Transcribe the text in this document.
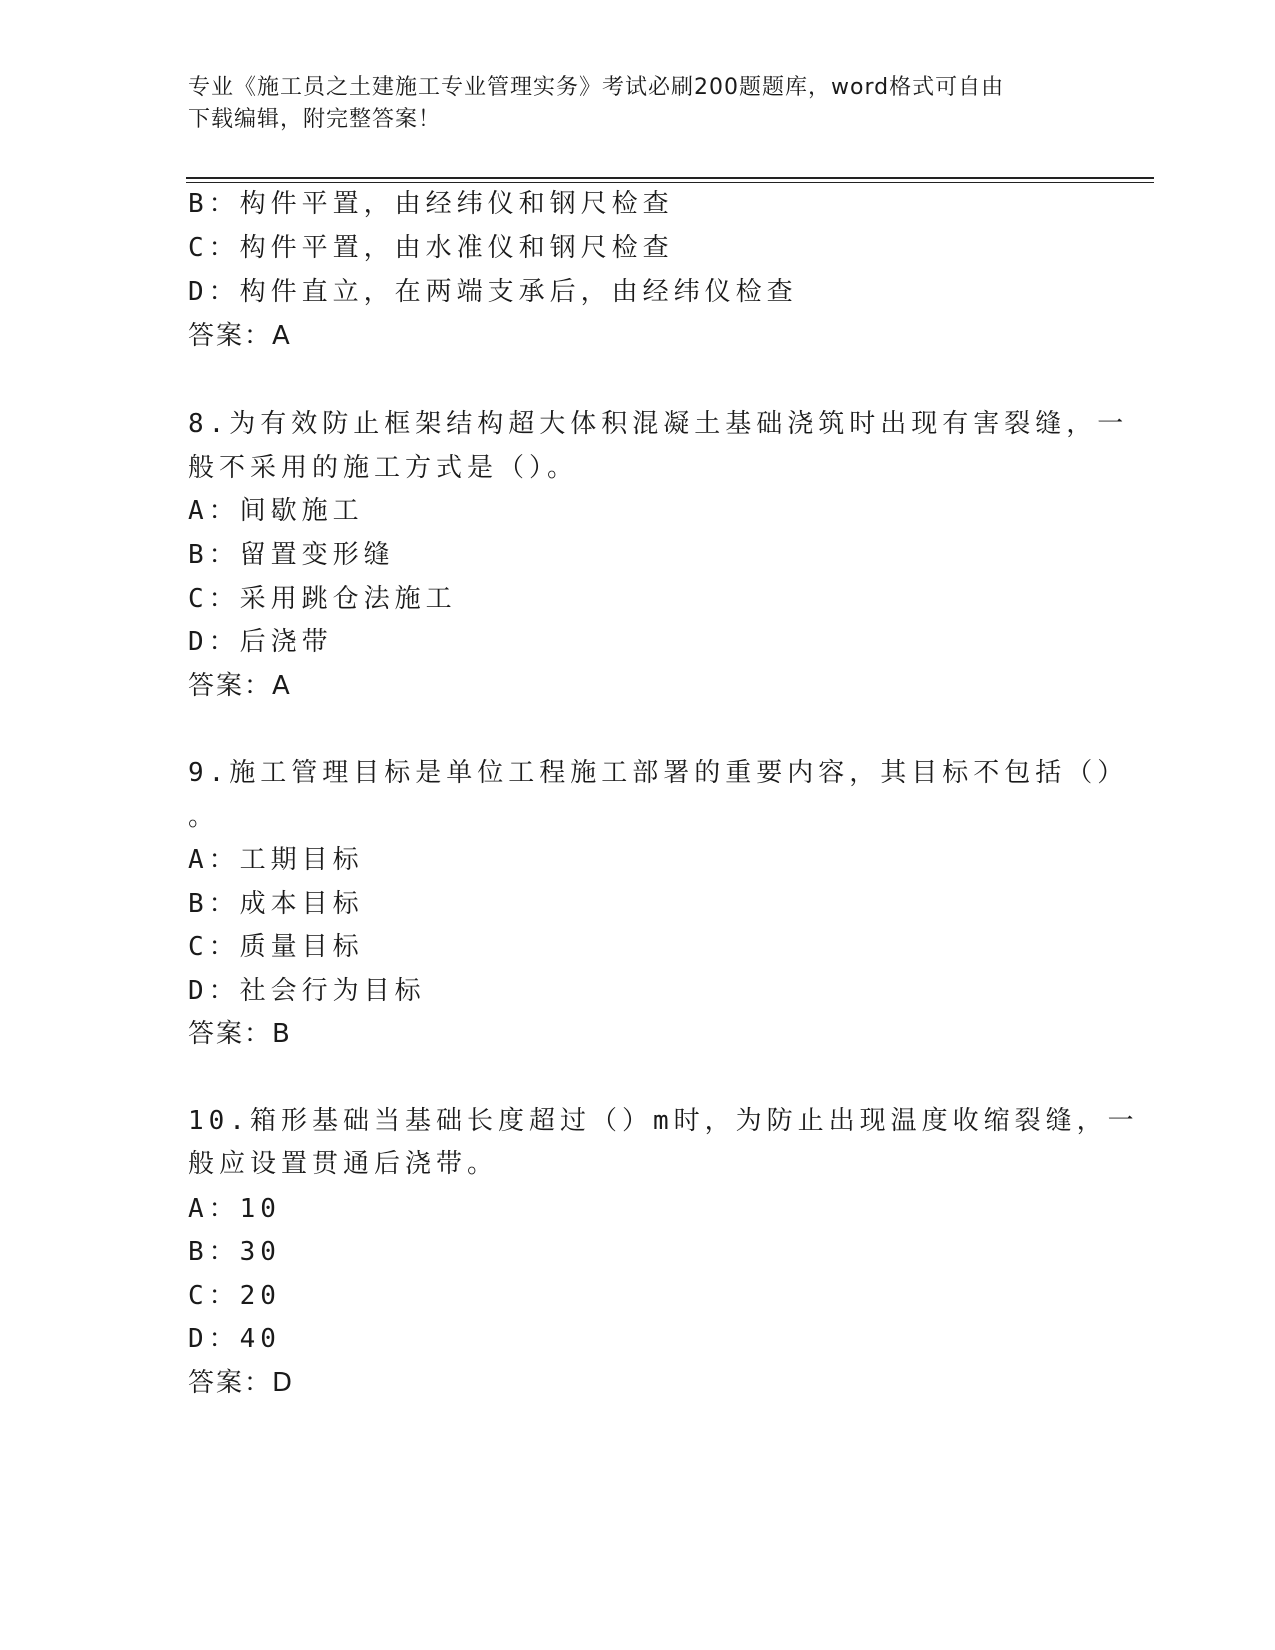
专业《施工员之土建施工专业管理实务》考试必刷200题题库，word格式可自由
下载编辑，附完整答案！
B：构件平置，由经纬仪和钢尺检查
C：构件平置，由水准仪和钢尺检查
D：构件直立，在两端支承后，由经纬仪检查
答案：A
8.为有效防止框架结构超大体积混凝土基础浇筑时出现有害裂缝，一
般不采用的施工方式是（）。
A：间歇施工
B：留置变形缝
C：采用跳仓法施工
D：后浇带
答案：A
9.施工管理目标是单位工程施工部署的重要内容，其目标不包括（）
。
A：工期目标
B：成本目标
C：质量目标
D：社会行为目标
答案：B
10.箱形基础当基础长度超过（）m时，为防止出现温度收缩裂缝，一
般应设置贯通后浇带。
A：10
B：30
C：20
D：40
答案：D
